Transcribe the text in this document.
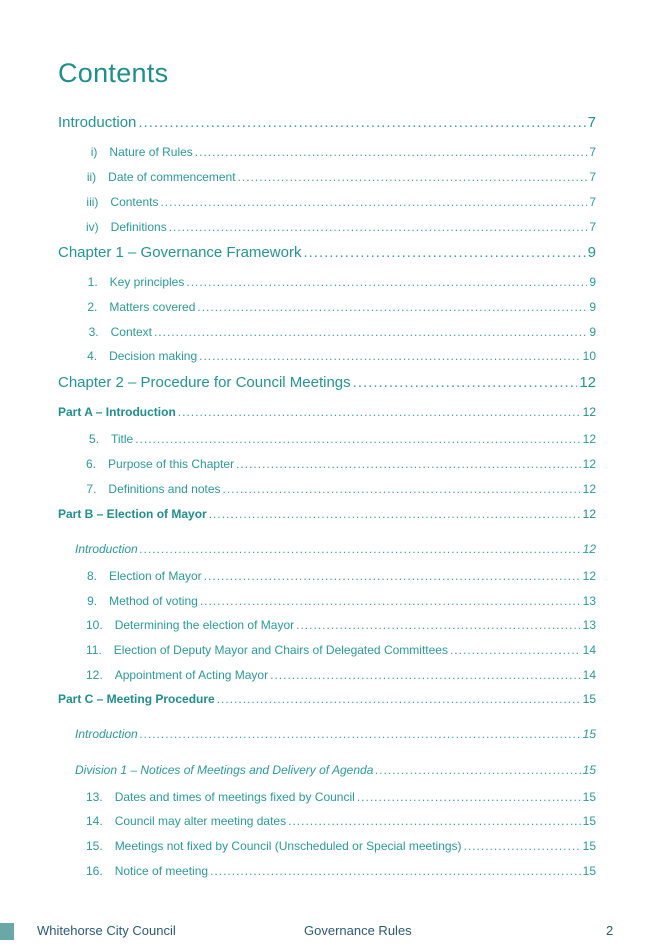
Contents
Introduction .....	7
i) Nature of Rules .....	7
ii) Date of commencement .....	7
iii) Contents .....	7
iv) Definitions .....	7
Chapter 1 – Governance Framework .....	9
1. Key principles .....	9
2. Matters covered .....	9
3. Context .....	9
4. Decision making .....	10
Chapter 2 – Procedure for Council Meetings .....	12
Part A – Introduction .....	12
5. Title .....	12
6. Purpose of this Chapter .....	12
7. Definitions and notes .....	12
Part B – Election of Mayor .....	12
Introduction .....	12
8. Election of Mayor .....	12
9. Method of voting .....	13
10. Determining the election of Mayor .....	13
11. Election of Deputy Mayor and Chairs of Delegated Committees .....	14
12. Appointment of Acting Mayor .....	14
Part C – Meeting Procedure .....	15
Introduction .....	15
Division 1 – Notices of Meetings and Delivery of Agenda .....	15
13. Dates and times of meetings fixed by Council .....	15
14. Council may alter meeting dates .....	15
15. Meetings not fixed by Council (Unscheduled or Special meetings) .....	15
16. Notice of meeting .....	15
Whitehorse City Council	Governance Rules	2
